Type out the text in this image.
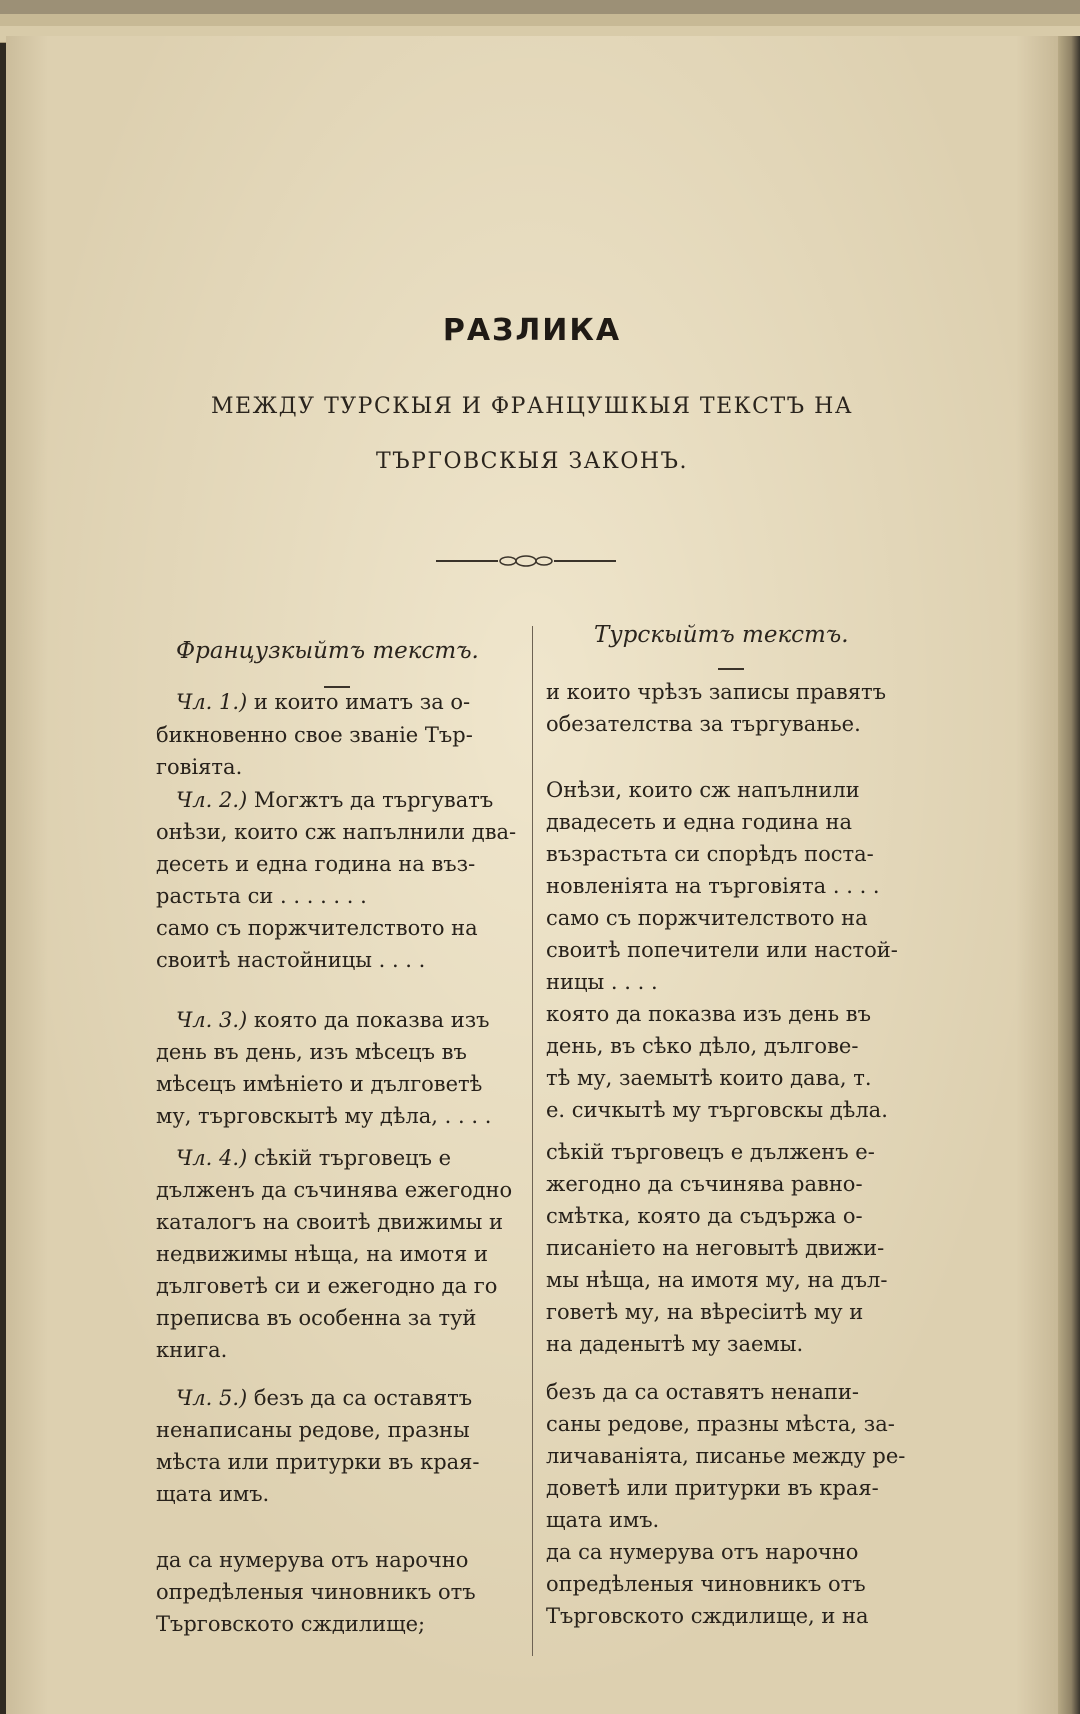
РАЗЛИКА
МЕЖДУ ТУРСКЫЯ И ФРАНЦУШКЫЯ ТЕКСТЪ НА
ТЪРГОВСКЫЯ ЗАКОНЪ.
Французкыйтъ текстъ.
Турскыйтъ текстъ.
Чл. 1.) и които иматъ за о-
бикновенно свое званіе Тър-
говіята.
Чл. 2.) Могжтъ да търгуватъ
онѣзи, които сж напълнили два-
десеть и една година на въз-
растьта си . . . . . . .
само съ поржчителството на
своитѣ настойницы . . . .
Чл. 3.) която да показва изъ
день въ день, изъ мѣсецъ въ
мѣсецъ имѣніето и дълговетѣ
му, търговскытѣ му дѣла, . . . .
Чл. 4.) сѣкій търговецъ е
дълженъ да съчинява ежегодно
каталогъ на своитѣ движимы и
недвижимы нѣща, на имотя и
дълговетѣ си и ежегодно да го
преписва въ особенна за туй
книга.
Чл. 5.) безъ да са оставятъ
ненаписаны редове, празны
мѣста или притурки въ края-
щата имъ.
да са нумерува отъ нарочно
опредѣленыя чиновникъ отъ
Търговското сждилище;
и които чрѣзъ записы правятъ
обезателства за търгуванье.
Онѣзи, които сж напълнили
двадесеть и една година на
възрастьта си спорѣдъ поста-
новленіята на търговіята . . . .
само съ поржчителството на
своитѣ попечители или настой-
ницы . . . .
която да показва изъ день въ
день, въ сѣко дѣло, дългове-
тѣ му, заемытѣ които дава, т.
е. сичкытѣ му търговскы дѣла.
сѣкій търговецъ е дълженъ е-
жегодно да съчинява равно-
смѣтка, която да съдържа о-
писаніето на неговытѣ движи-
мы нѣща, на имотя му, на дъл-
говетѣ му, на вѣресіитѣ му и
на даденытѣ му заемы.
безъ да са оставятъ ненапи-
саны редове, празны мѣста, за-
личаваніята, писанье между ре-
доветѣ или притурки въ края-
щата имъ.
да са нумерува отъ нарочно
опредѣленыя чиновникъ отъ
Търговското сждилище, и на
